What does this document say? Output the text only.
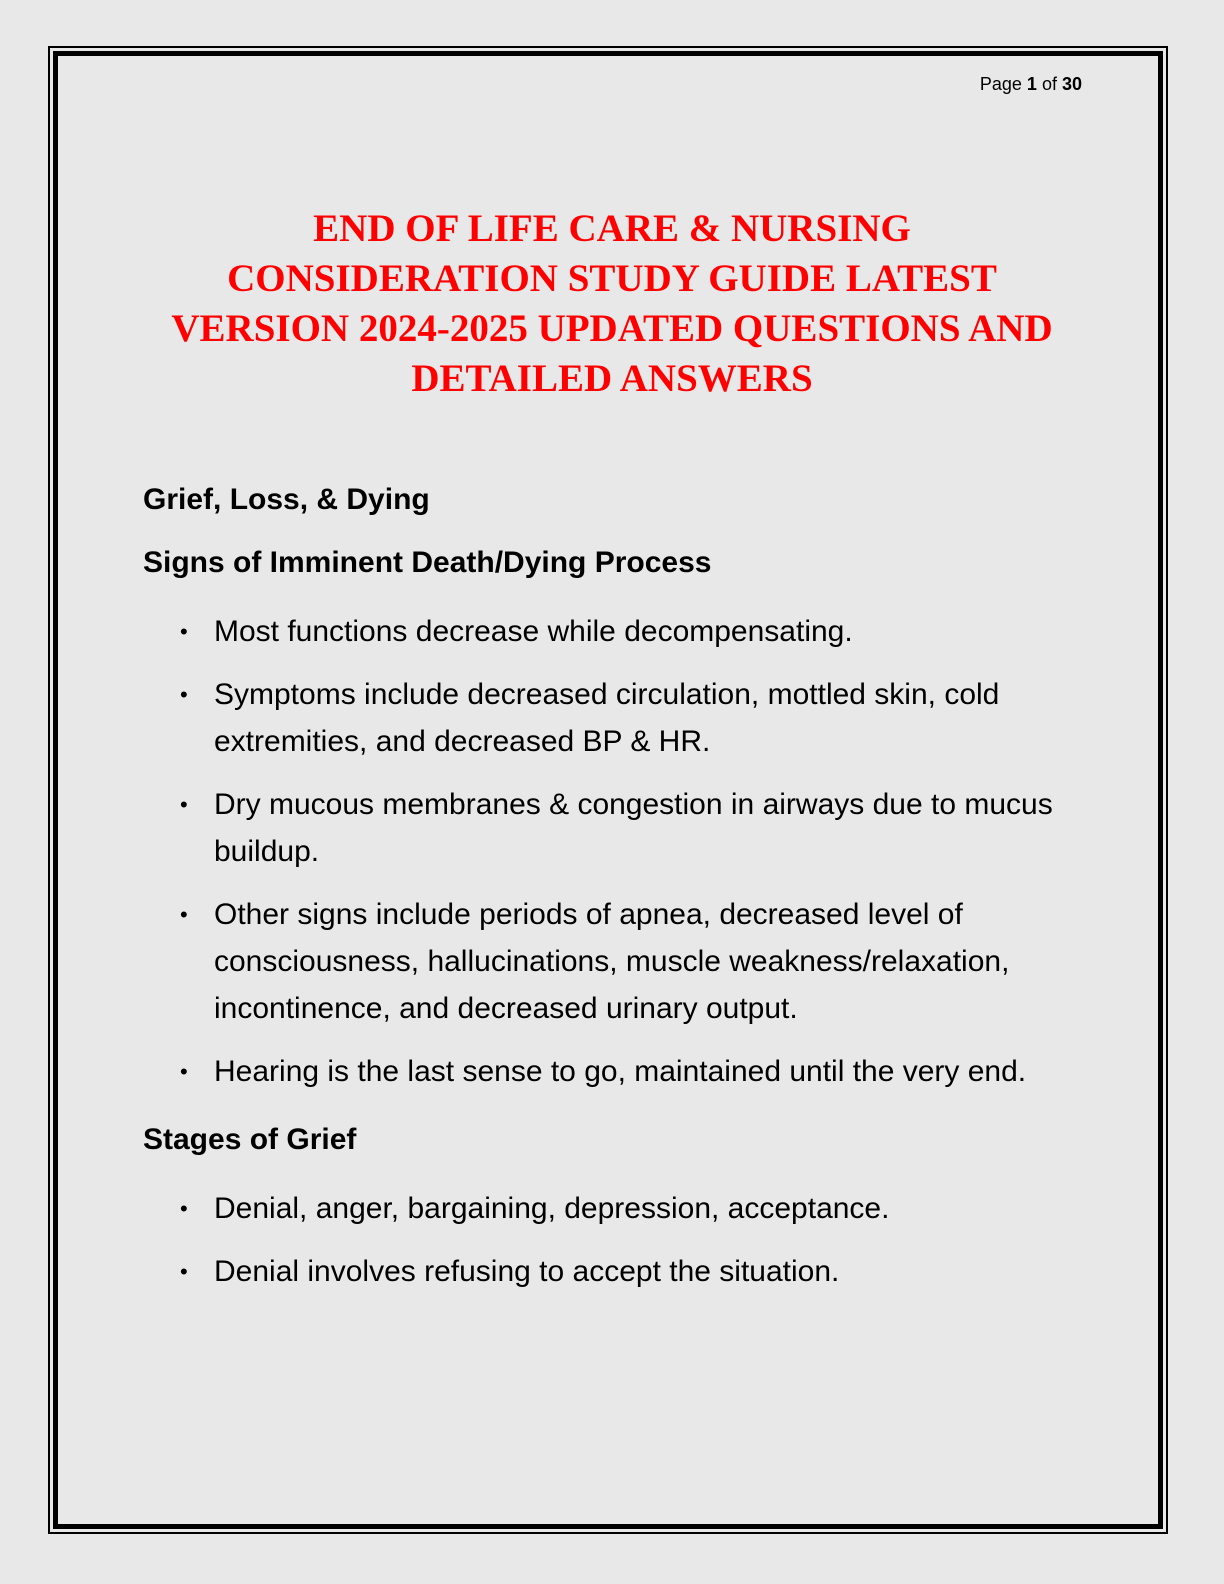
Page 1 of 30
END OF LIFE CARE & NURSING
CONSIDERATION STUDY GUIDE LATEST
VERSION 2024-2025 UPDATED QUESTIONS AND
DETAILED ANSWERS
Grief, Loss, & Dying
Signs of Imminent Death/Dying Process
• Most functions decrease while decompensating.
• Symptoms include decreased circulation, mottled skin, cold extremities, and decreased BP & HR.
• Dry mucous membranes & congestion in airways due to mucus buildup.
• Other signs include periods of apnea, decreased level of consciousness, hallucinations, muscle weakness/relaxation, incontinence, and decreased urinary output.
• Hearing is the last sense to go, maintained until the very end.
Stages of Grief
• Denial, anger, bargaining, depression, acceptance.
• Denial involves refusing to accept the situation.
